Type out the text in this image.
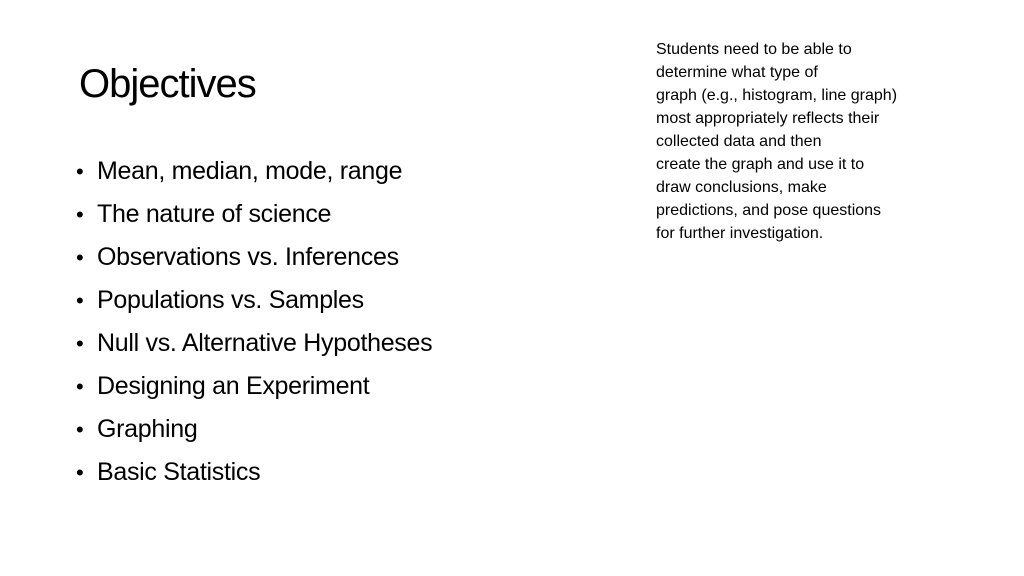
Objectives
• Mean, median, mode, range
• The nature of science
• Observations vs. Inferences
• Populations vs. Samples
• Null vs. Alternative Hypotheses
• Designing an Experiment
• Graphing
• Basic Statistics
Students need to be able to
determine what type of
graph (e.g., histogram, line graph)
most appropriately reflects their
collected data and then
create the graph and use it to
draw conclusions, make
predictions, and pose questions
for further investigation.
